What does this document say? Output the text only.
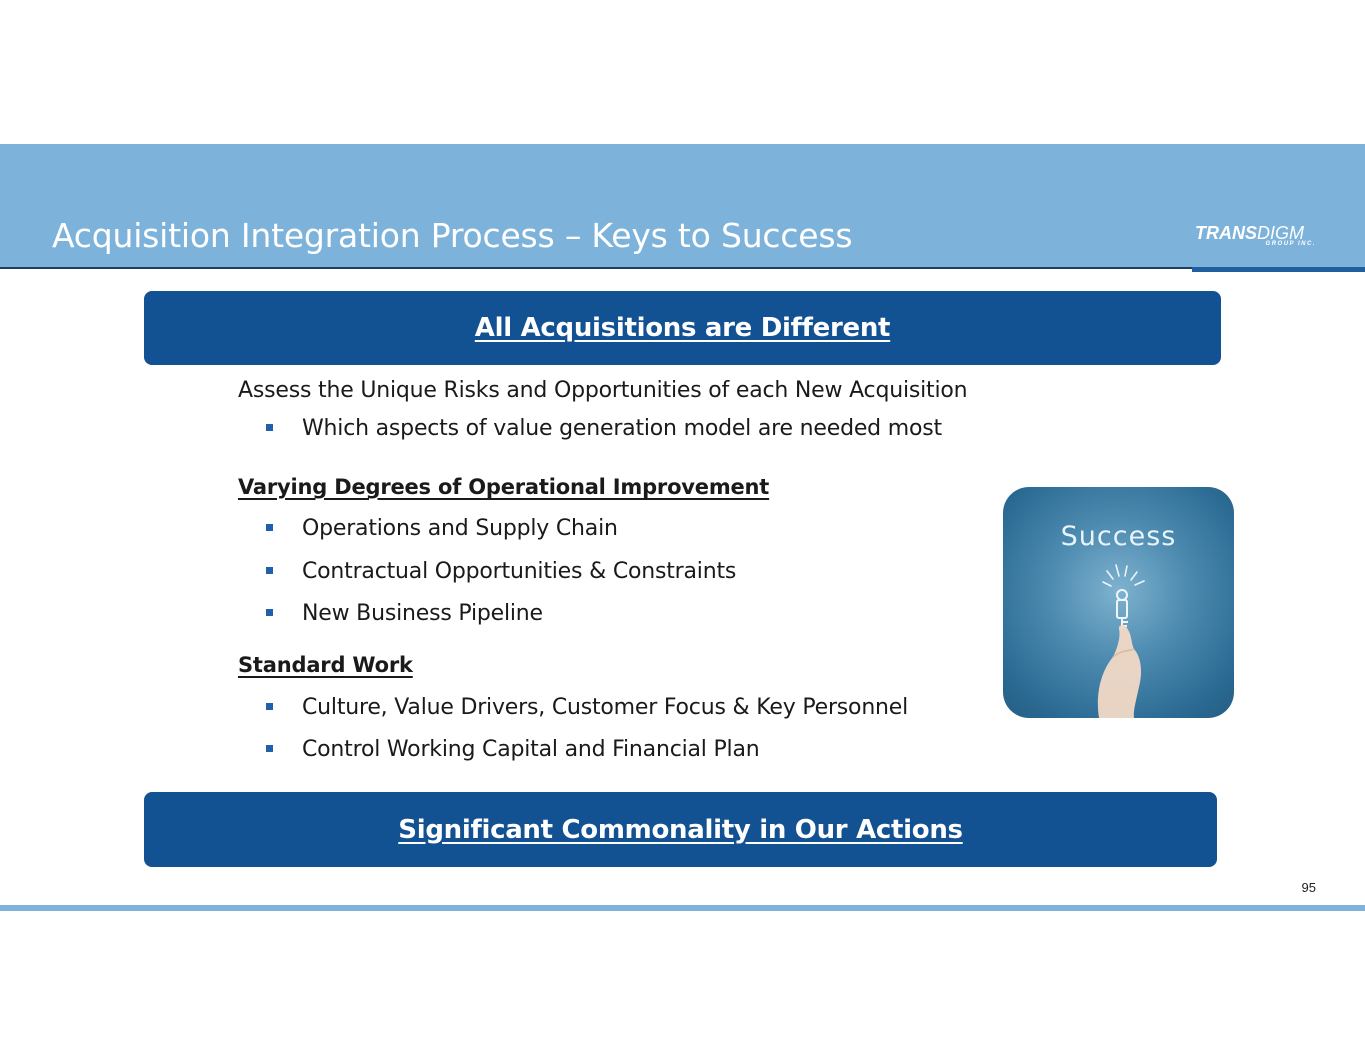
Acquisition Integration Process – Keys to Success	TRANSDIGM
GROUP INC.
All Acquisitions are Different
Assess the Unique Risks and Opportunities of each New Acquisition
Which aspects of value generation model are needed most
Varying Degrees of Operational Improvement
Operations and Supply Chain
Contractual Opportunities & Constraints
New Business Pipeline
Standard Work
Culture, Value Drivers, Customer Focus & Key Personnel
Control Working Capital and Financial Plan
Success
Significant Commonality in Our Actions
95
